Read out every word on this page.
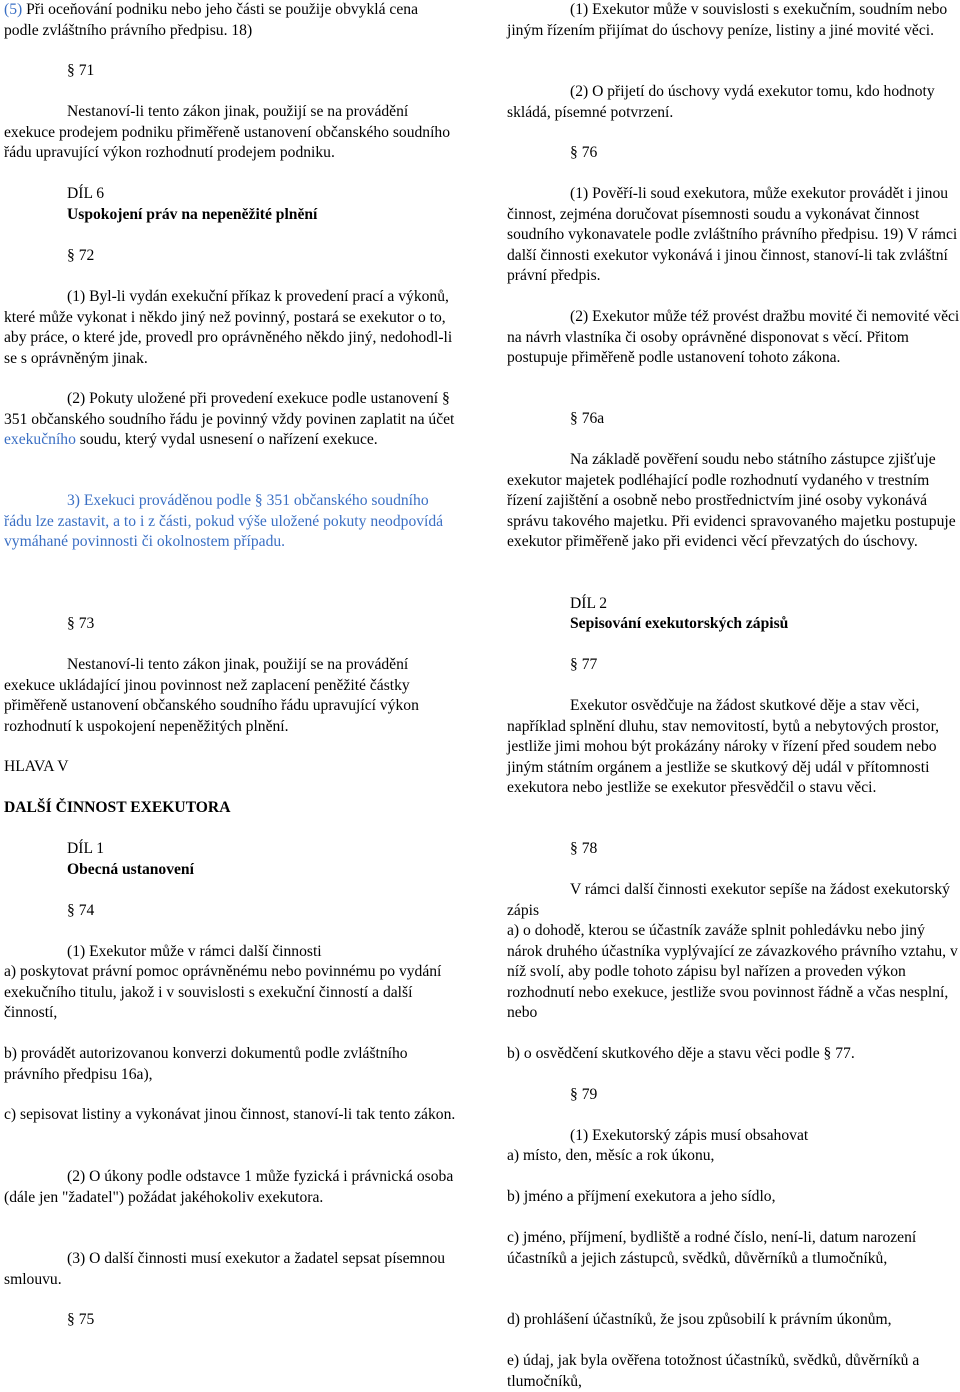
(5) Při oceňování podniku nebo jeho části se použije obvyklá cena podle zvláštního právního předpisu. 18)

§ 71

Nestanoví-li tento zákon jinak, použijí se na provádění exekuce prodejem podniku přiměřeně ustanovení občanského soudního řádu upravující výkon rozhodnutí prodejem podniku.

DÍL 6

Uspokojení práv na nepeněžité plnění

§ 72

(1) Byl-li vydán exekuční příkaz k provedení prací a výkonů, které může vykonat i někdo jiný než povinný, postará se exekutor o to, aby práce, o které jde, provedl pro oprávněného někdo jiný, nedohodl-li se s oprávněným jinak.

(2) Pokuty uložené při provedení exekuce podle ustanovení § 351 občanského soudního řádu je povinný vždy povinen zaplatit na účet exekučního soudu, který vydal usnesení o nařízení exekuce.

3) Exekuci prováděnou podle § 351 občanského soudního řádu lze zastavit, a to i z části, pokud výše uložené pokuty neodpovídá vymáhané povinnosti či okolnostem případu.

§ 73

Nestanoví-li tento zákon jinak, použijí se na provádění exekuce ukládající jinou povinnost než zaplacení peněžité částky přiměřeně ustanovení občanského soudního řádu upravující výkon rozhodnutí k uspokojení nepeněžitých plnění.

HLAVA V

DALŠÍ ČINNOST EXEKUTORA

DÍL 1

Obecná ustanovení

§ 74

(1) Exekutor může v rámci další činnosti

a) poskytovat právní pomoc oprávněnému nebo povinnému po vydání exekučního titulu, jakož i v souvislosti s exekuční činností a další činností,

b) provádět autorizovanou konverzi dokumentů podle zvláštního právního předpisu 16a),

c) sepisovat listiny a vykonávat jinou činnost, stanoví-li tak tento zákon.

(2) O úkony podle odstavce 1 může fyzická i právnická osoba (dále jen "žadatel") požádat jakéhokoliv exekutora.

(3) O další činnosti musí exekutor a žadatel sepsat písemnou smlouvu.

§ 75

(1) Exekutor může v souvislosti s exekučním, soudním nebo jiným řízením přijímat do úschovy peníze, listiny a jiné movité věci.

(2) O přijetí do úschovy vydá exekutor tomu, kdo hodnoty skládá, písemné potvrzení.

§ 76

(1) Pověří-li soud exekutora, může exekutor provádět i jinou činnost, zejména doručovat písemnosti soudu a vykonávat činnost soudního vykonavatele podle zvláštního právního předpisu. 19) V rámci další činnosti exekutor vykonává i jinou činnost, stanoví-li tak zvláštní právní předpis.

(2) Exekutor může též provést dražbu movité či nemovité věci na návrh vlastníka či osoby oprávněné disponovat s věcí. Přitom postupuje přiměřeně podle ustanovení tohoto zákona.

§ 76a

Na základě pověření soudu nebo státního zástupce zjišťuje exekutor majetek podléhající podle rozhodnutí vydaného v trestním řízení zajištění a osobně nebo prostřednictvím jiné osoby vykonává správu takového majetku. Při evidenci spravovaného majetku postupuje exekutor přiměřeně jako při evidenci věcí převzatých do úschovy.

DÍL 2

Sepisování exekutorských zápisů

§ 77

Exekutor osvědčuje na žádost skutkové děje a stav věci, například splnění dluhu, stav nemovitostí, bytů a nebytových prostor, jestliže jimi mohou být prokázány nároky v řízení před soudem nebo jiným státním orgánem a jestliže se skutkový děj udál v přítomnosti exekutora nebo jestliže se exekutor přesvědčil o stavu věci.

§ 78

V rámci další činnosti exekutor sepíše na žádost exekutorský zápis

a) o dohodě, kterou se účastník zaváže splnit pohledávku nebo jiný nárok druhého účastníka vyplývající ze závazkového právního vztahu, v níž svolí, aby podle tohoto zápisu byl nařízen a proveden výkon rozhodnutí nebo exekuce, jestliže svou povinnost řádně a včas nesplní, nebo

b) o osvědčení skutkového děje a stavu věci podle § 77.

§ 79

(1) Exekutorský zápis musí obsahovat

a) místo, den, měsíc a rok úkonu,

b) jméno a příjmení exekutora a jeho sídlo,

c) jméno, příjmení, bydliště a rodné číslo, není-li, datum narození účastníků a jejich zástupců, svědků, důvěrníků a tlumočníků,

d) prohlášení účastníků, že jsou způsobilí k právním úkonům,

e) údaj, jak byla ověřena totožnost účastníků, svědků, důvěrníků a tlumočníků,
